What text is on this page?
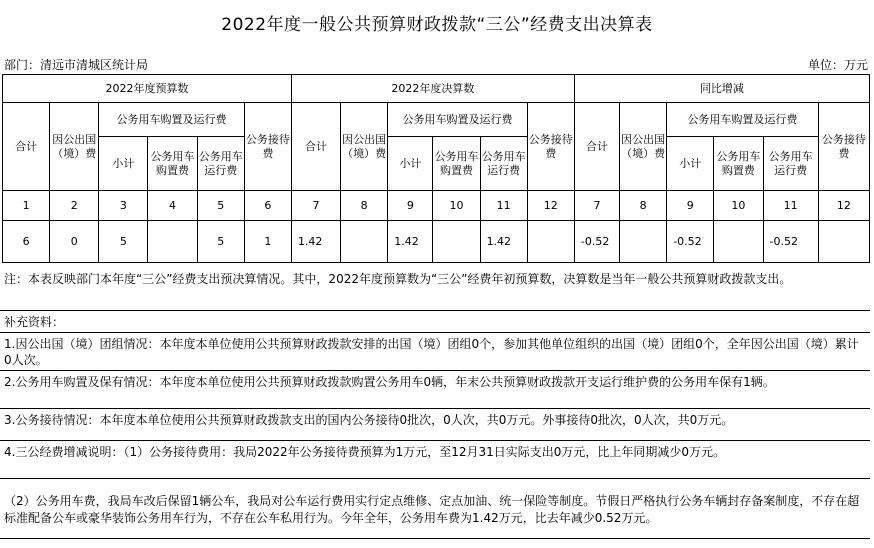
2022年度一般公共预算财政拨款“三公”经费支出决算表
部门：清远市清城区统计局	单位：万元
2022年度预算数						2022年度决算数						同比增减					
合计	因公出国（境）费	公务用车购置及运行费			公务接待费	合计	因公出国（境）费	公务用车购置及运行费			公务接待费	合计	因公出国（境）费	公务用车购置及运行费			公务接待费
		小计	公务用车购置费	公务用车运行费				小计	公务用车购置费	公务用车运行费				小计	公务用车购置费	公务用车运行费	
1	2	3	4	5	6	7	8	9	10	11	12	7	8	9	10	11	12
6	0	5		5	1	1.42		1.42		1.42		-0.52		-0.52		-0.52	
注：本表反映部门本年度“三公”经费支出预决算情况。其中，2022年度预算数为“三公”经费年初预算数，决算数是当年一般公共预算财政拨款支出。
补充资料：
1.因公出国（境）团组情况：本年度本单位使用公共预算财政拨款安排的出国（境）团组0个，参加其他单位组织的出国（境）团组0个，全年因公出国（境）累计0人次。
2.公务用车购置及保有情况：本年度本单位使用公共预算财政拨款购置公务用车0辆，年末公共预算财政拨款开支运行维护费的公务用车保有1辆。
3.公务接待情况：本年度本单位使用公共预算财政拨款支出的国内公务接待0批次，0人次，共0万元。外事接待0批次，0人次，共0万元。
4.三公经费增减说明：（1）公务接待费用：我局2022年公务接待费预算为1万元，至12月31日实际支出0万元，比上年同期减少0万元。
（2）公务用车费，我局车改后保留1辆公车，我局对公车运行费用实行定点维修、定点加油、统一保险等制度。节假日严格执行公务车辆封存备案制度，不存在超标准配备公车或豪华装饰公务用车行为，不存在公车私用行为。今年全年，公务用车费为1.42万元，比去年减少0.52万元。
